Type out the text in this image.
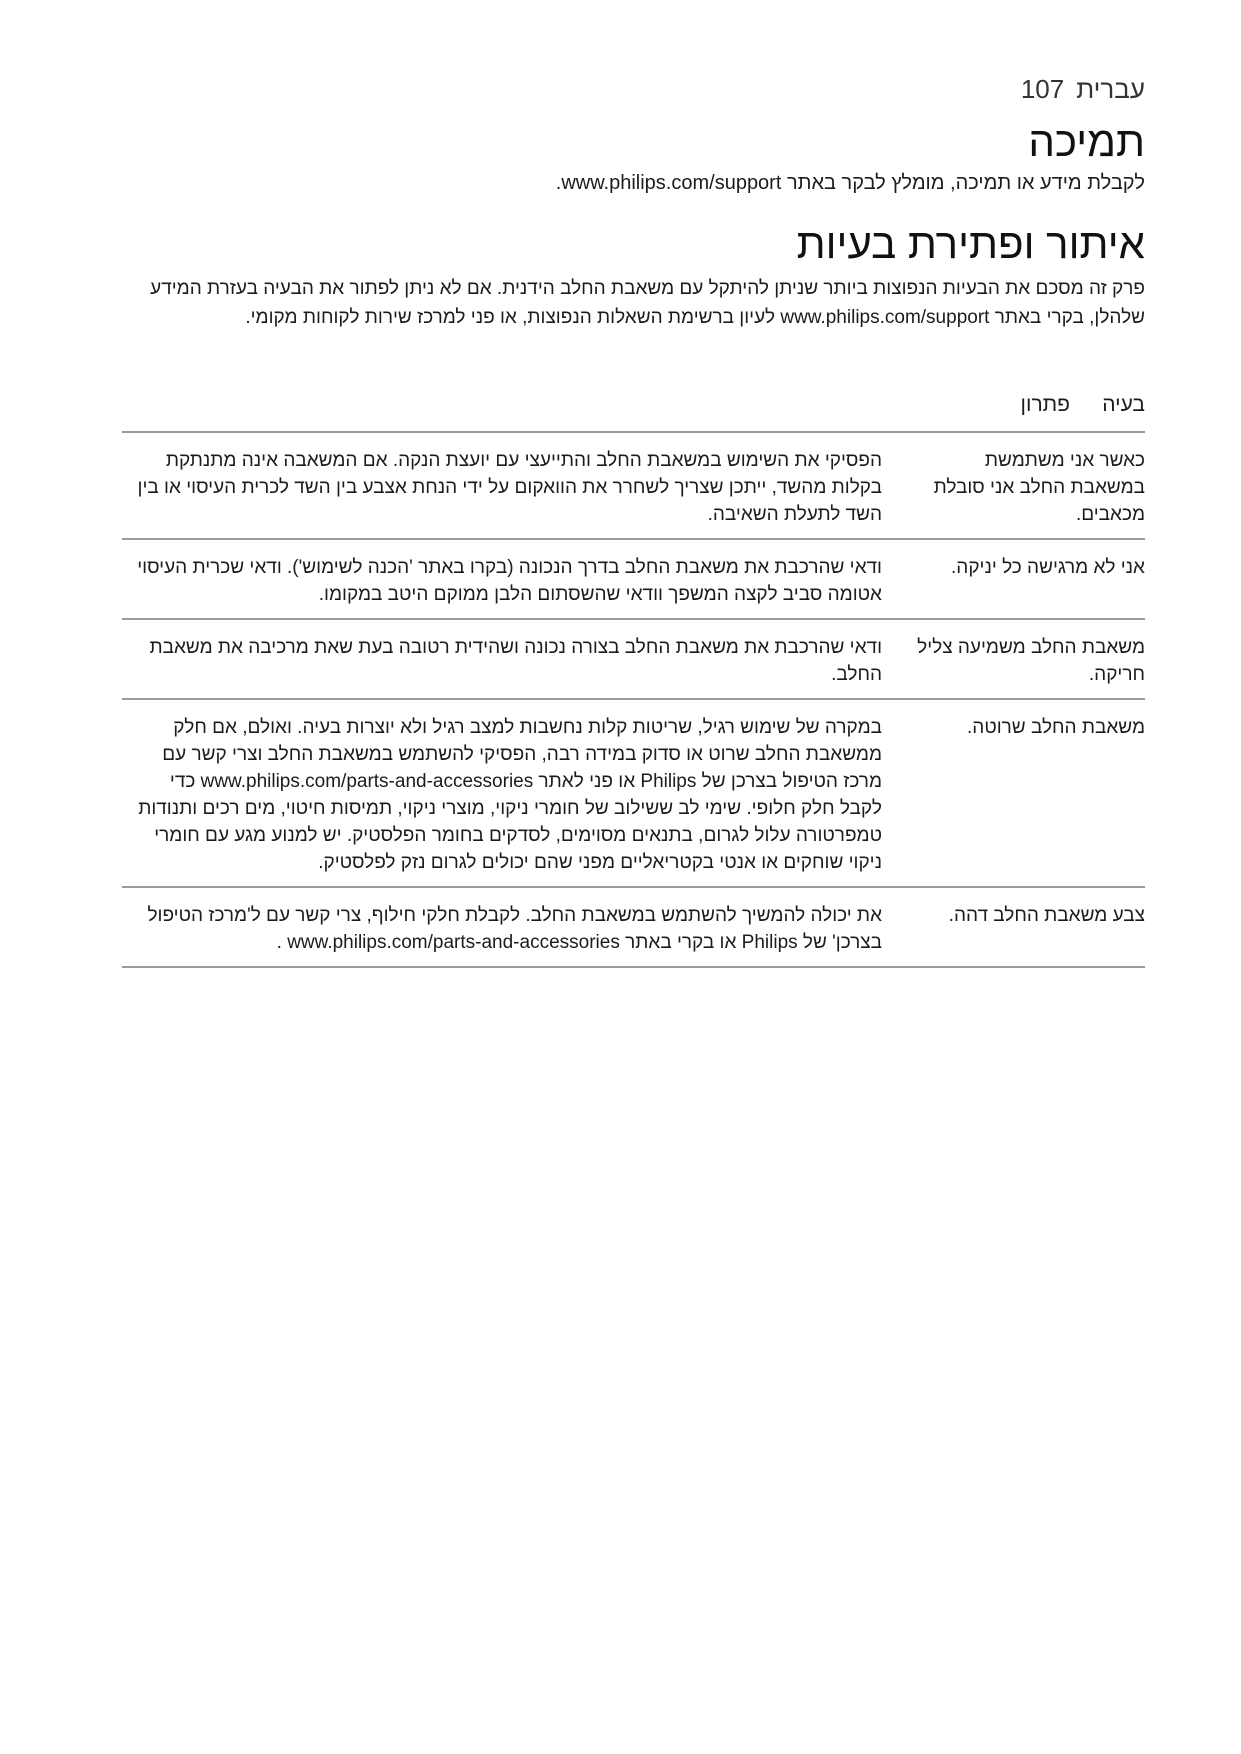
107 עברית
תמיכה

לקבלת מידע או תמיכה, מומלץ לבקר באתר www.philips.com/support.

איתור ופתירת בעיות

פרק זה מסכם את הבעיות הנפוצות ביותר שניתן להיתקל עם משאבת החלב הידנית. אם לא ניתן לפתור את הבעיה בעזרת המידע שלהלן, בקרי באתר www.philips.com/support לעיון ברשימת השאלות הנפוצות, או פני למרכז שירות לקוחות מקומי.

בעיה
פתרון
כאשר אני משתמשת במשאבת החלב אני סובלת מכאבים.
הפסיקי את השימוש במשאבת החלב והתייעצי עם יועצת הנקה. אם המשאבה אינה מתנתקת בקלות מהשד, ייתכן שצריך לשחרר את הוואקום על ידי הנחת אצבע בין השד לכרית העיסוי או בין השד לתעלת השאיבה.
אני לא מרגישה כל יניקה.
ודאי שהרכבת את משאבת החלב בדרך הנכונה (בקרו באתר 'הכנה לשימוש'). ודאי שכרית העיסוי אטומה סביב לקצה המשפך וודאי שהשסתום הלבן ממוקם היטב במקומו.
משאבת החלב משמיעה צליל חריקה.
ודאי שהרכבת את משאבת החלב בצורה נכונה ושהידית רטובה בעת שאת מרכיבה את משאבת החלב.
משאבת החלב שרוטה.
במקרה של שימוש רגיל, שריטות קלות נחשבות למצב רגיל ולא יוצרות בעיה. ואולם, אם חלק ממשאבת החלב שרוט או סדוק במידה רבה, הפסיקי להשתמש במשאבת החלב וצרי קשר עם מרכז הטיפול בצרכן של Philips או פני לאתר www.philips.com/parts-and-accessories כדי לקבל חלק חלופי. שימי לב ששילוב של חומרי ניקוי, מוצרי ניקוי, תמיסות חיטוי, מים רכים ותנודות טמפרטורה עלול לגרום, בתנאים מסוימים, לסדקים בחומר הפלסטיק. יש למנוע מגע עם חומרי ניקוי שוחקים או אנטי בקטריאליים מפני שהם יכולים לגרום נזק לפלסטיק.
צבע משאבת החלב דהה.
את יכולה להמשיך להשתמש במשאבת החלב. לקבלת חלקי חילוף, צרי קשר עם ל'מרכז הטיפול בצרכן' של Philips או בקרי באתר www.philips.com/parts-and-accessories .
